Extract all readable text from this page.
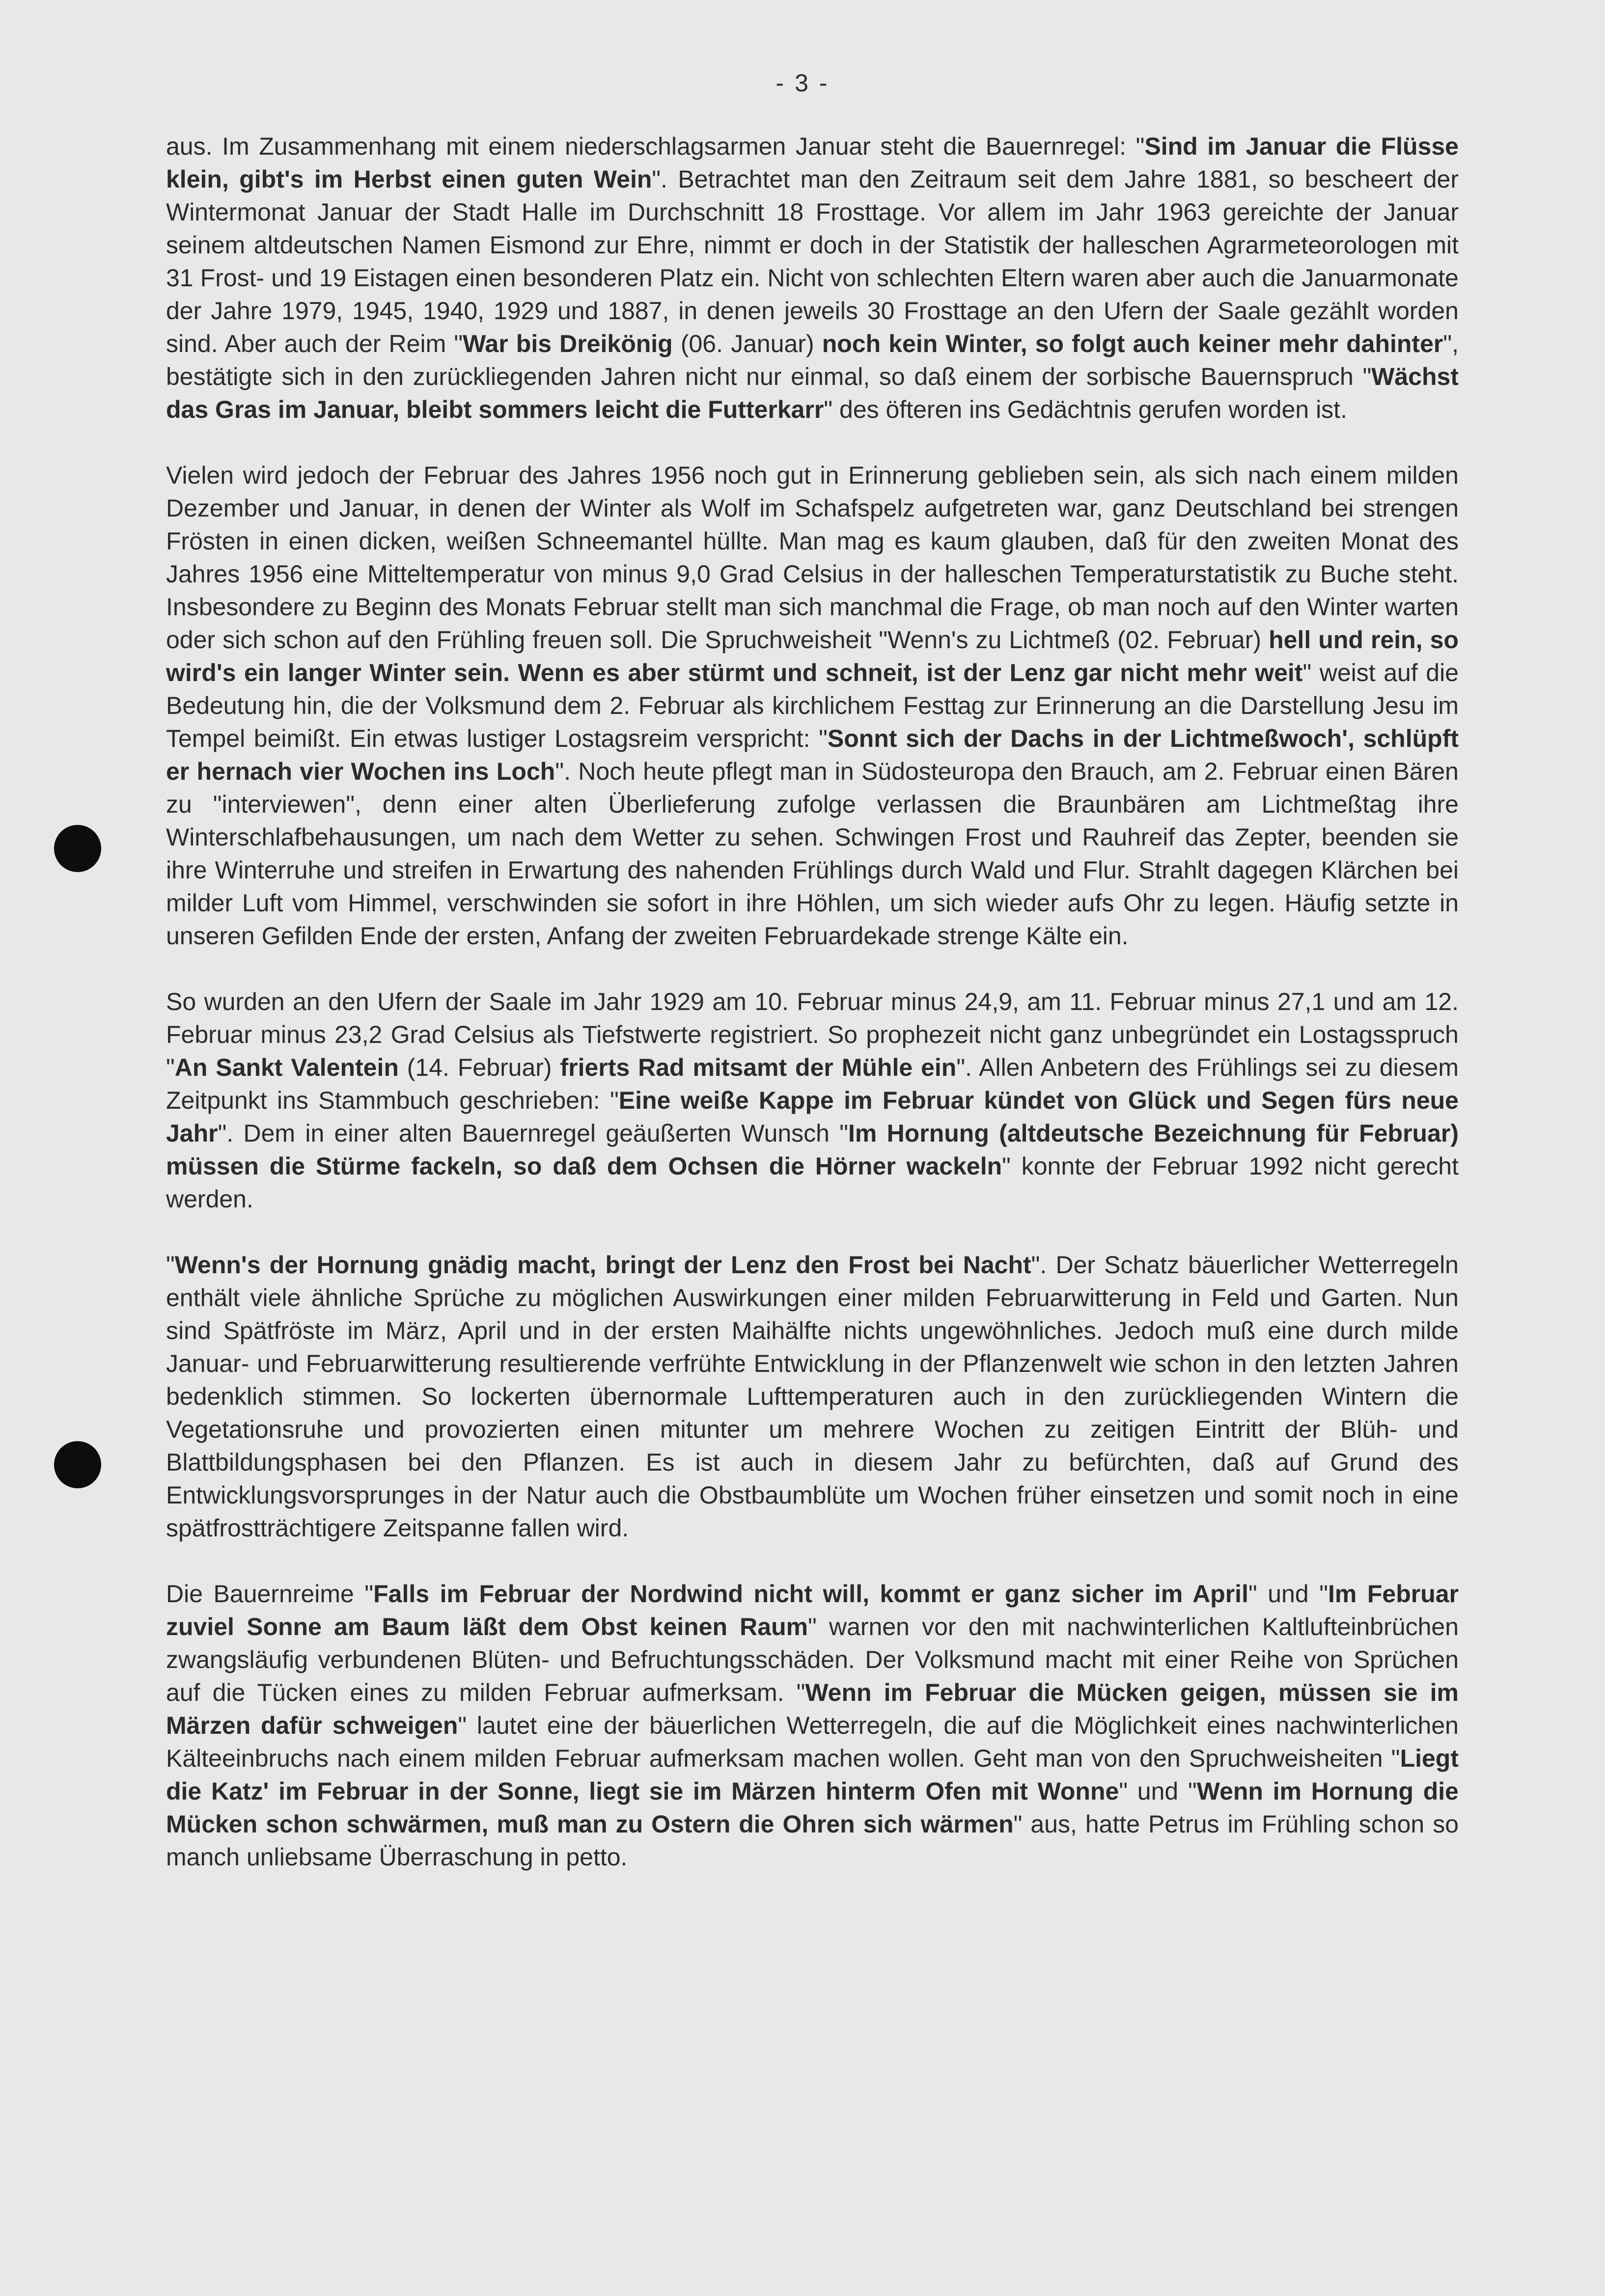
- 3 -

aus. Im Zusammenhang mit einem niederschlagsarmen Januar steht die Bauernregel: "Sind im Januar die Flüsse klein, gibt's im Herbst einen guten Wein". Betrachtet man den Zeitraum seit dem Jahre 1881, so bescheert der Wintermonat Januar der Stadt Halle im Durchschnitt 18 Frosttage. Vor allem im Jahr 1963 gereichte der Januar seinem altdeutschen Namen Eismond zur Ehre, nimmt er doch in der Statistik der halleschen Agrarmeteorologen mit 31 Frost- und 19 Eistagen einen besonderen Platz ein. Nicht von schlechten Eltern waren aber auch die Januarmonate der Jahre 1979, 1945, 1940, 1929 und 1887, in denen jeweils 30 Frosttage an den Ufern der Saale gezählt worden sind. Aber auch der Reim "War bis Dreikönig (06. Januar) noch kein Winter, so folgt auch keiner mehr dahinter", bestätigte sich in den zurückliegenden Jahren nicht nur einmal, so daß einem der sorbische Bauernspruch "Wächst das Gras im Januar, bleibt sommers leicht die Futterkarr" des öfteren ins Gedächtnis gerufen worden ist.

Vielen wird jedoch der Februar des Jahres 1956 noch gut in Erinnerung geblieben sein, als sich nach einem milden Dezember und Januar, in denen der Winter als Wolf im Schafspelz aufgetreten war, ganz Deutschland bei strengen Frösten in einen dicken, weißen Schneemantel hüllte. Man mag es kaum glauben, daß für den zweiten Monat des Jahres 1956 eine Mitteltemperatur von minus 9,0 Grad Celsius in der halleschen Temperaturstatistik zu Buche steht. Insbesondere zu Beginn des Monats Februar stellt man sich manchmal die Frage, ob man noch auf den Winter warten oder sich schon auf den Frühling freuen soll. Die Spruchweisheit "Wenn's zu Lichtmeß (02. Februar) hell und rein, so wird's ein langer Winter sein. Wenn es aber stürmt und schneit, ist der Lenz gar nicht mehr weit" weist auf die Bedeutung hin, die der Volksmund dem 2. Februar als kirchlichem Festtag zur Erinnerung an die Darstellung Jesu im Tempel beimißt. Ein etwas lustiger Lostagsreim verspricht: "Sonnt sich der Dachs in der Lichtmeßwoch', schlüpft er hernach vier Wochen ins Loch". Noch heute pflegt man in Südosteuropa den Brauch, am 2. Februar einen Bären zu "interviewen", denn einer alten Überlieferung zufolge verlassen die Braunbären am Lichtmeßtag ihre Winterschlafbehausungen, um nach dem Wetter zu sehen. Schwingen Frost und Rauhreif das Zepter, beenden sie ihre Winterruhe und streifen in Erwartung des nahenden Frühlings durch Wald und Flur. Strahlt dagegen Klärchen bei milder Luft vom Himmel, verschwinden sie sofort in ihre Höhlen, um sich wieder aufs Ohr zu legen. Häufig setzte in unseren Gefilden Ende der ersten, Anfang der zweiten Februardekade strenge Kälte ein.

So wurden an den Ufern der Saale im Jahr 1929 am 10. Februar minus 24,9, am 11. Februar minus 27,1 und am 12. Februar minus 23,2 Grad Celsius als Tiefstwerte registriert. So prophezeit nicht ganz unbegründet ein Lostagsspruch "An Sankt Valentein (14. Februar) frierts Rad mitsamt der Mühle ein". Allen Anbetern des Frühlings sei zu diesem Zeitpunkt ins Stammbuch geschrieben: "Eine weiße Kappe im Februar kündet von Glück und Segen fürs neue Jahr". Dem in einer alten Bauernregel geäußerten Wunsch "Im Hornung (altdeutsche Bezeichnung für Februar) müssen die Stürme fackeln, so daß dem Ochsen die Hörner wackeln" konnte der Februar 1992 nicht gerecht werden.

"Wenn's der Hornung gnädig macht, bringt der Lenz den Frost bei Nacht". Der Schatz bäuerlicher Wetterregeln enthält viele ähnliche Sprüche zu möglichen Auswirkungen einer milden Februarwitterung in Feld und Garten. Nun sind Spätfröste im März, April und in der ersten Maihälfte nichts ungewöhnliches. Jedoch muß eine durch milde Januar- und Februarwitterung resultierende verfrühte Entwicklung in der Pflanzenwelt wie schon in den letzten Jahren bedenklich stimmen. So lockerten übernormale Lufttemperaturen auch in den zurückliegenden Wintern die Vegetationsruhe und provozierten einen mitunter um mehrere Wochen zu zeitigen Eintritt der Blüh- und Blattbildungsphasen bei den Pflanzen. Es ist auch in diesem Jahr zu befürchten, daß auf Grund des Entwicklungsvorsprunges in der Natur auch die Obstbaumblüte um Wochen früher einsetzen und somit noch in eine spätfrostträchtigere Zeitspanne fallen wird.

Die Bauernreime "Falls im Februar der Nordwind nicht will, kommt er ganz sicher im April" und "Im Februar zuviel Sonne am Baum läßt dem Obst keinen Raum" warnen vor den mit nachwinterlichen Kaltlufteinbrüchen zwangsläufig verbundenen Blüten- und Befruchtungsschäden. Der Volksmund macht mit einer Reihe von Sprüchen auf die Tücken eines zu milden Februar aufmerksam. "Wenn im Februar die Mücken geigen, müssen sie im Märzen dafür schweigen" lautet eine der bäuerlichen Wetterregeln, die auf die Möglichkeit eines nachwinterlichen Kälteeinbruchs nach einem milden Februar aufmerksam machen wollen. Geht man von den Spruchweisheiten "Liegt die Katz' im Februar in der Sonne, liegt sie im Märzen hinterm Ofen mit Wonne" und "Wenn im Hornung die Mücken schon schwärmen, muß man zu Ostern die Ohren sich wärmen" aus, hatte Petrus im Frühling schon so manch unliebsame Überraschung in petto.
